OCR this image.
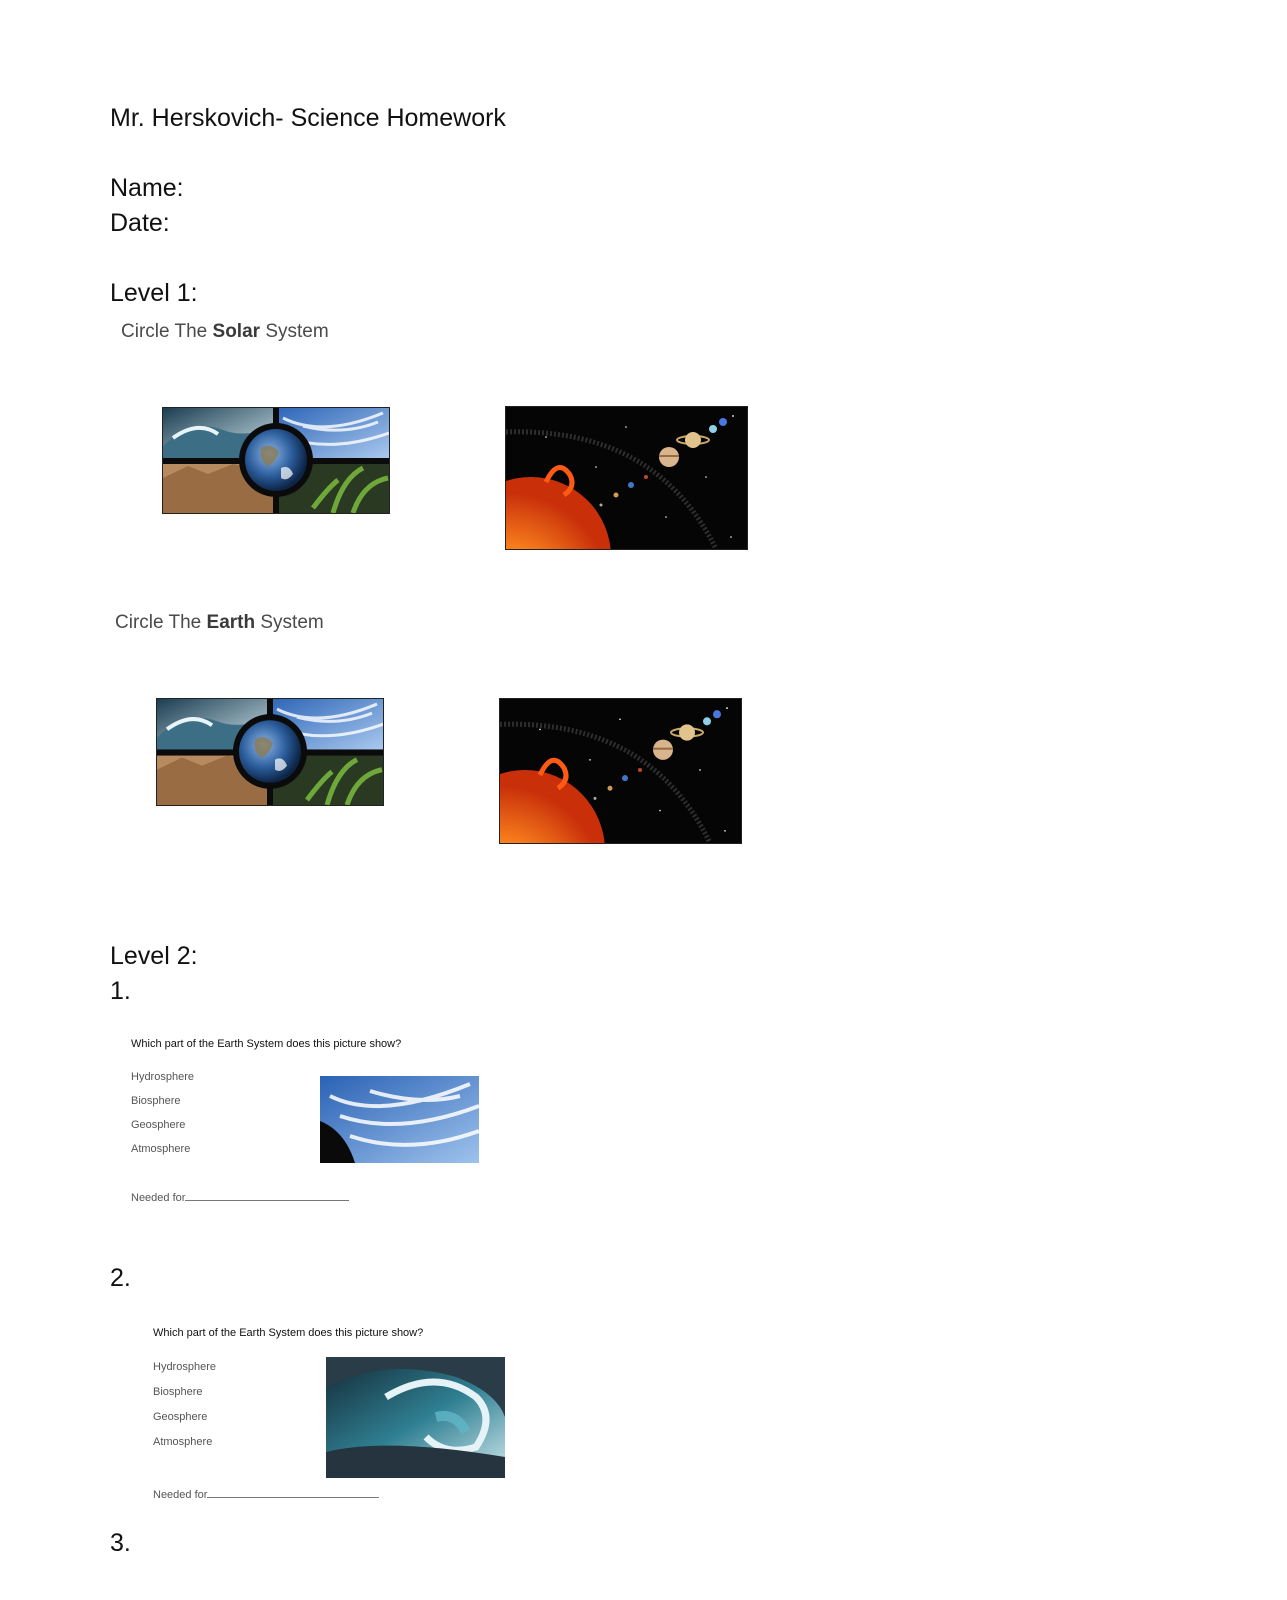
Mr. Herskovich- Science Homework
Name:
Date:
Level 1:
Circle The Solar System
Circle The Earth System
Level 2:
1.
Which part of the Earth System does this picture show?
Hydrosphere
Biosphere
Geosphere
Atmosphere
Needed for
2.
Which part of the Earth System does this picture show?
Hydrosphere
Biosphere
Geosphere
Atmosphere
Needed for
3.
